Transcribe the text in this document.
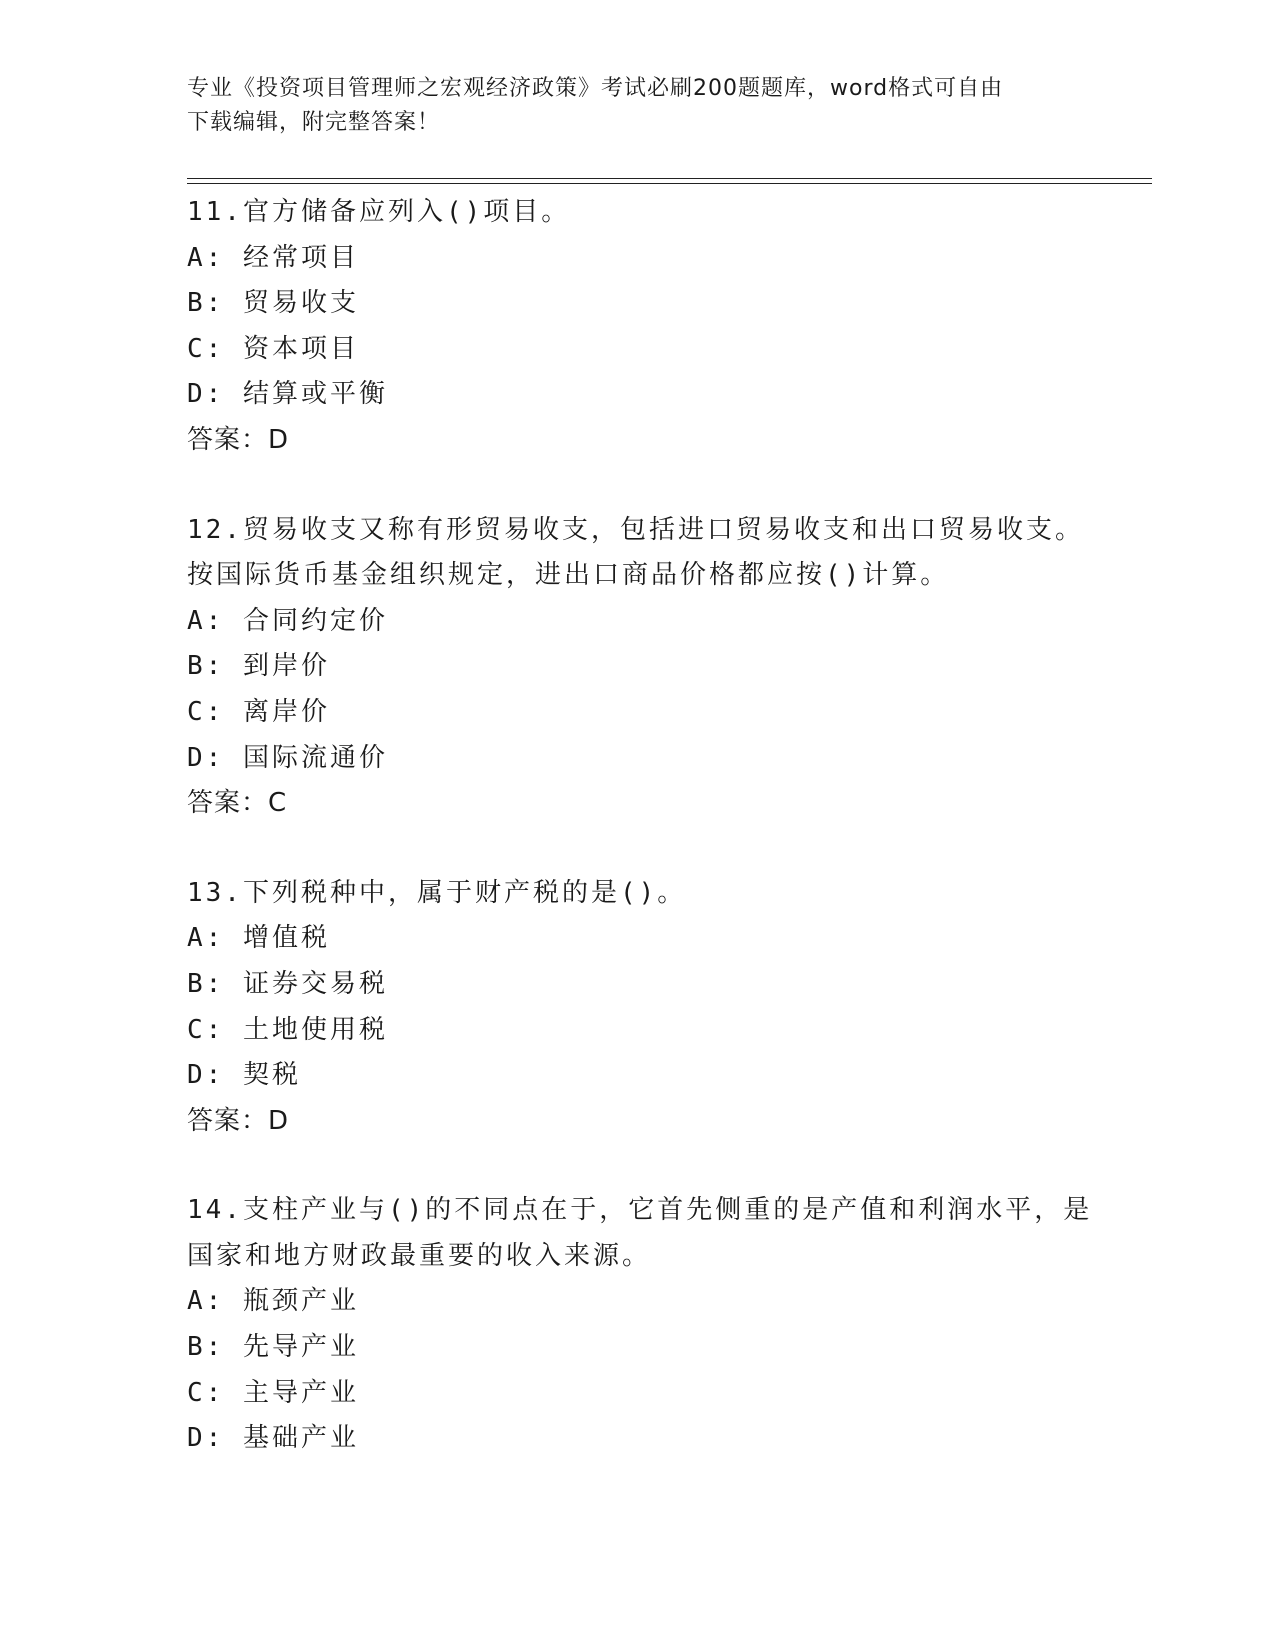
专业《投资项目管理师之宏观经济政策》考试必刷200题题库，word格式可自由
下载编辑，附完整答案！
11.官方储备应列入()项目。
A: 经常项目
B: 贸易收支
C: 资本项目
D: 结算或平衡
答案：D
12.贸易收支又称有形贸易收支，包括进口贸易收支和出口贸易收支。
按国际货币基金组织规定，进出口商品价格都应按()计算。
A: 合同约定价
B: 到岸价
C: 离岸价
D: 国际流通价
答案：C
13.下列税种中，属于财产税的是()。
A: 增值税
B: 证券交易税
C: 土地使用税
D: 契税
答案：D
14.支柱产业与()的不同点在于，它首先侧重的是产值和利润水平，是
国家和地方财政最重要的收入来源。
A: 瓶颈产业
B: 先导产业
C: 主导产业
D: 基础产业
